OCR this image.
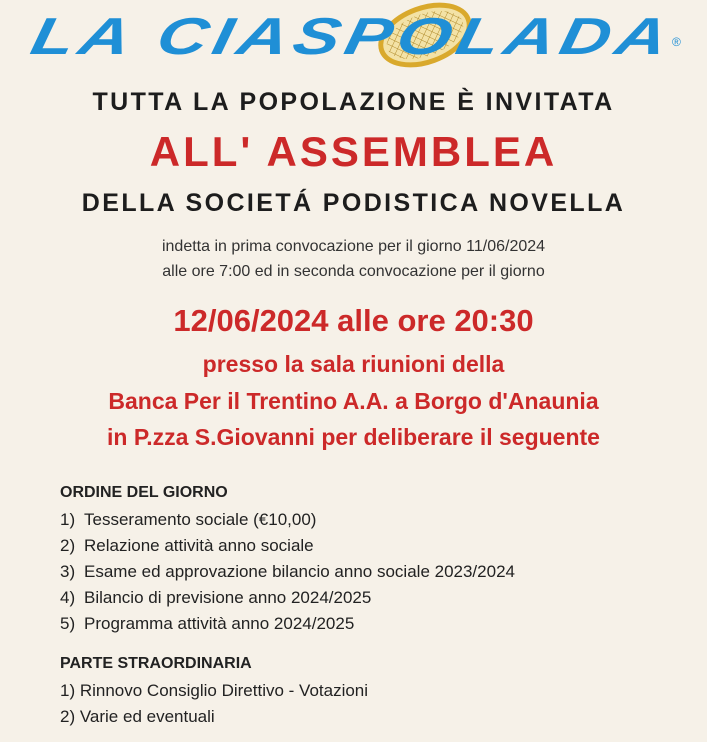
LA CIASPOLADA	®
TUTTA LA POPOLAZIONE È INVITATA
ALL' ASSEMBLEA
DELLA SOCIETÁ PODISTICA NOVELLA
indetta in prima convocazione per il giorno 11/06/2024
alle ore 7:00 ed in seconda convocazione per il giorno
12/06/2024 alle ore 20:30
presso la sala riunioni della
Banca Per il Trentino A.A. a Borgo d'Anaunia
in P.zza S.Giovanni per deliberare il seguente
ORDINE DEL GIORNO
1) Tesseramento sociale (€10,00)
2) Relazione attività anno sociale
3) Esame ed approvazione bilancio anno sociale 2023/2024
4) Bilancio di previsione anno 2024/2025
5) Programma attività anno 2024/2025
PARTE STRAORDINARIA
1) Rinnovo Consiglio Direttivo - Votazioni
2) Varie ed eventuali
